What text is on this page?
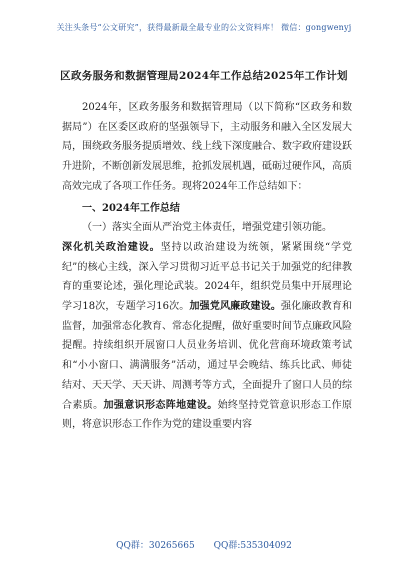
关注头条号“公文研究”，获得最新最全最专业的公文资料库！ 微信：gongwenyj
区政务服务和数据管理局2024年工作总结2025年工作计划

2024年，区政务服务和数据管理局（以下简称“区政务和数据局”）在区委区政府的坚强领导下，主动服务和融入全区发展大局，围绕政务服务提质增效、线上线下深度融合、数字政府建设跃升进阶，不断创新发展思维，抢抓发展机遇，砥砺过硬作风，高质高效完成了各项工作任务。现将2024年工作总结如下：

一、2024年工作总结

（一）落实全面从严治党主体责任，增强党建引领功能。

深化机关政治建设。坚持以政治建设为统领，紧紧围绕“学党纪”的核心主线，深入学习贯彻习近平总书记关于加强党的纪律教育的重要论述，强化理论武装。2024年，组织党员集中开展理论学习18次，专题学习16次。加强党风廉政建设。强化廉政教育和监督，加强常态化教育、常态化提醒，做好重要时间节点廉政风险提醒。持续组织开展窗口人员业务培训、优化营商环境政策考试和“小小窗口、满满服务”活动，通过早会晚结、练兵比武、师徒结对、天天学、天天讲、周测考等方式，全面提升了窗口人员的综合素质。加强意识形态阵地建设。始终坚持党管意识形态工作原则，将意识形态工作作为党的建设重要内容

QQ群：30265665 QQ群:535304092
